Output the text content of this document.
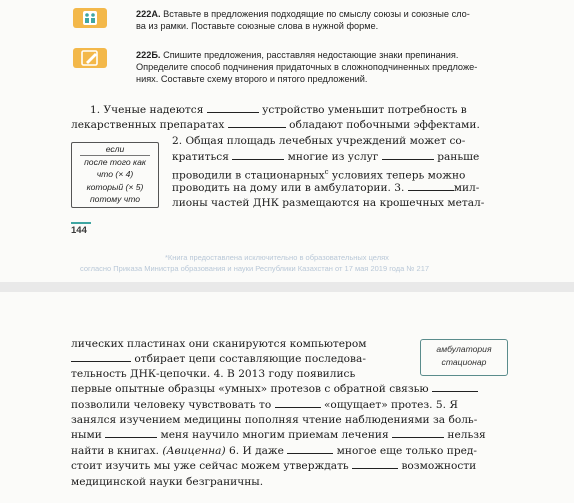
222А. Вставьте в предложения подходящие по смыслу союзы и союзные сло-
ва из рамки. Поставьте союзные слова в нужной форме.
222Б. Спишите предложения, расставляя недостающие знаки препинания.
Определите способ подчинения придаточных в сложноподчиненных предложе-
ниях. Составьте схему второго и пятого предложений.
1. Ученые надеются	устройство уменьшит потребность в
лекарственных препаратах	обладают побочными эффектами.
2. Общая площадь лечебных учреждений может со-
кратиться	многие из услуг	раньше
проводили в стационарных$^с$ условиях теперь можно
проводить на дому или в амбулатории. 3.	мил-
лионы частей ДНК размещаются на крошечных метал-
если
после того как
что (× 4)
который (× 5)
потому что
144
*Книга предоставлена исключительно в образовательных целях
согласно Приказа Министра образования и науки Республики Казахстан от 17 мая 2019 года № 217
лических пластинах они сканируются компьютером
отбирает цепи составляющие последова-
тельность ДНК-цепочки. 4. В 2013 году появились
первые опытные образцы «умных» протезов с обратной связью
позволили человеку чувствовать то	«ощущает» протез. 5. Я
занялся изучением медицины пополняя чтение наблюдениями за боль-
ными	меня научило многим приемам лечения	нельзя
найти в книгах. (Авиценна) 6. И даже	многое еще только пред-
стоит изучить мы уже сейчас можем утверждать	возможности
медицинской науки безграничны.
амбулатория
стационар
